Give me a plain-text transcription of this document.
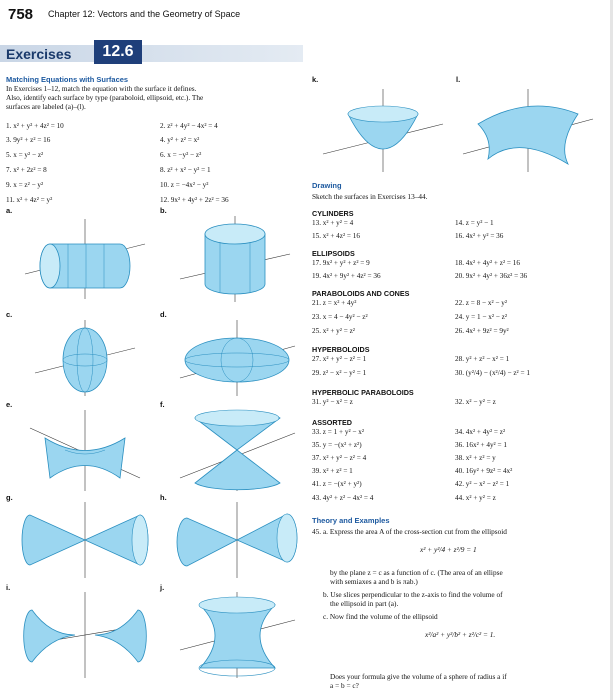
758 Chapter 12: Vectors and the Geometry of Space
Exercises	12.6
Matching Equations with Surfaces
In Exercises 1–12, match the equation with the surface it defines.
Also, identify each surface by type (paraboloid, ellipsoid, etc.). The
surfaces are labeled (a)–(l).
1. x² + y² + 4z² = 10	2. z² + 4y² − 4x² = 4
3. 9y² + z² = 16	4. y² + z² = x²
5. x = y² − z²	6. x = −y² − z²
7. x² + 2z² = 8	8. z² + x² − y² = 1
9. x = z² − y²	10. z = −4x² − y²
11. x² + 4z² = y²	12. 9x² + 4y² + 2z² = 36
a.	b.
c.	d.
e.	f.
g.	h.
i.	j.
k.	l.
Drawing
Sketch the surfaces in Exercises 13–44.
CYLINDERS
13. x² + y² = 4	14. z = y² − 1
15. x² + 4z² = 16	16. 4x² + y² = 36
ELLIPSOIDS
17. 9x² + y² + z² = 9	18. 4x² + 4y² + z² = 16
19. 4x² + 9y² + 4z² = 36	20. 9x² + 4y² + 36z² = 36
PARABOLOIDS AND CONES
21. z = x² + 4y²	22. z = 8 − x² − y²
23. x = 4 − 4y² − z²	24. y = 1 − x² − z²
25. x² + y² = z²	26. 4x² + 9z² = 9y²
HYPERBOLOIDS
27. x² + y² − z² = 1	28. y² + z² − x² = 1
29. z² − x² − y² = 1	30. (y²/4) − (x²/4) − z² = 1
HYPERBOLIC PARABOLOIDS
31. y² − x² = z	32. x² − y² = z
ASSORTED
33. z = 1 + y² − x²	34. 4x² + 4y² = z²
35. y = −(x² + z²)	36. 16x² + 4y² = 1
37. x² + y² − z² = 4	38. x² + z² = y
39. x² + z² = 1	40. 16y² + 9z² = 4x²
41. z = −(x² + y²)	42. y² − x² − z² = 1
43. 4y² + z² − 4x² = 4	44. x² + y² = z
Theory and Examples
45. a. Express the area A of the cross-section cut from the ellipsoid
x² + y²/4 + z²/9 = 1
by the plane z = c as a function of c. (The area of an ellipse
with semiaxes a and b is πab.)
b. Use slices perpendicular to the z-axis to find the volume of
the ellipsoid in part (a).
c. Now find the volume of the ellipsoid
x²/a² + y²/b² + z²/c² = 1.
Does your formula give the volume of a sphere of radius a if
a = b = c?
